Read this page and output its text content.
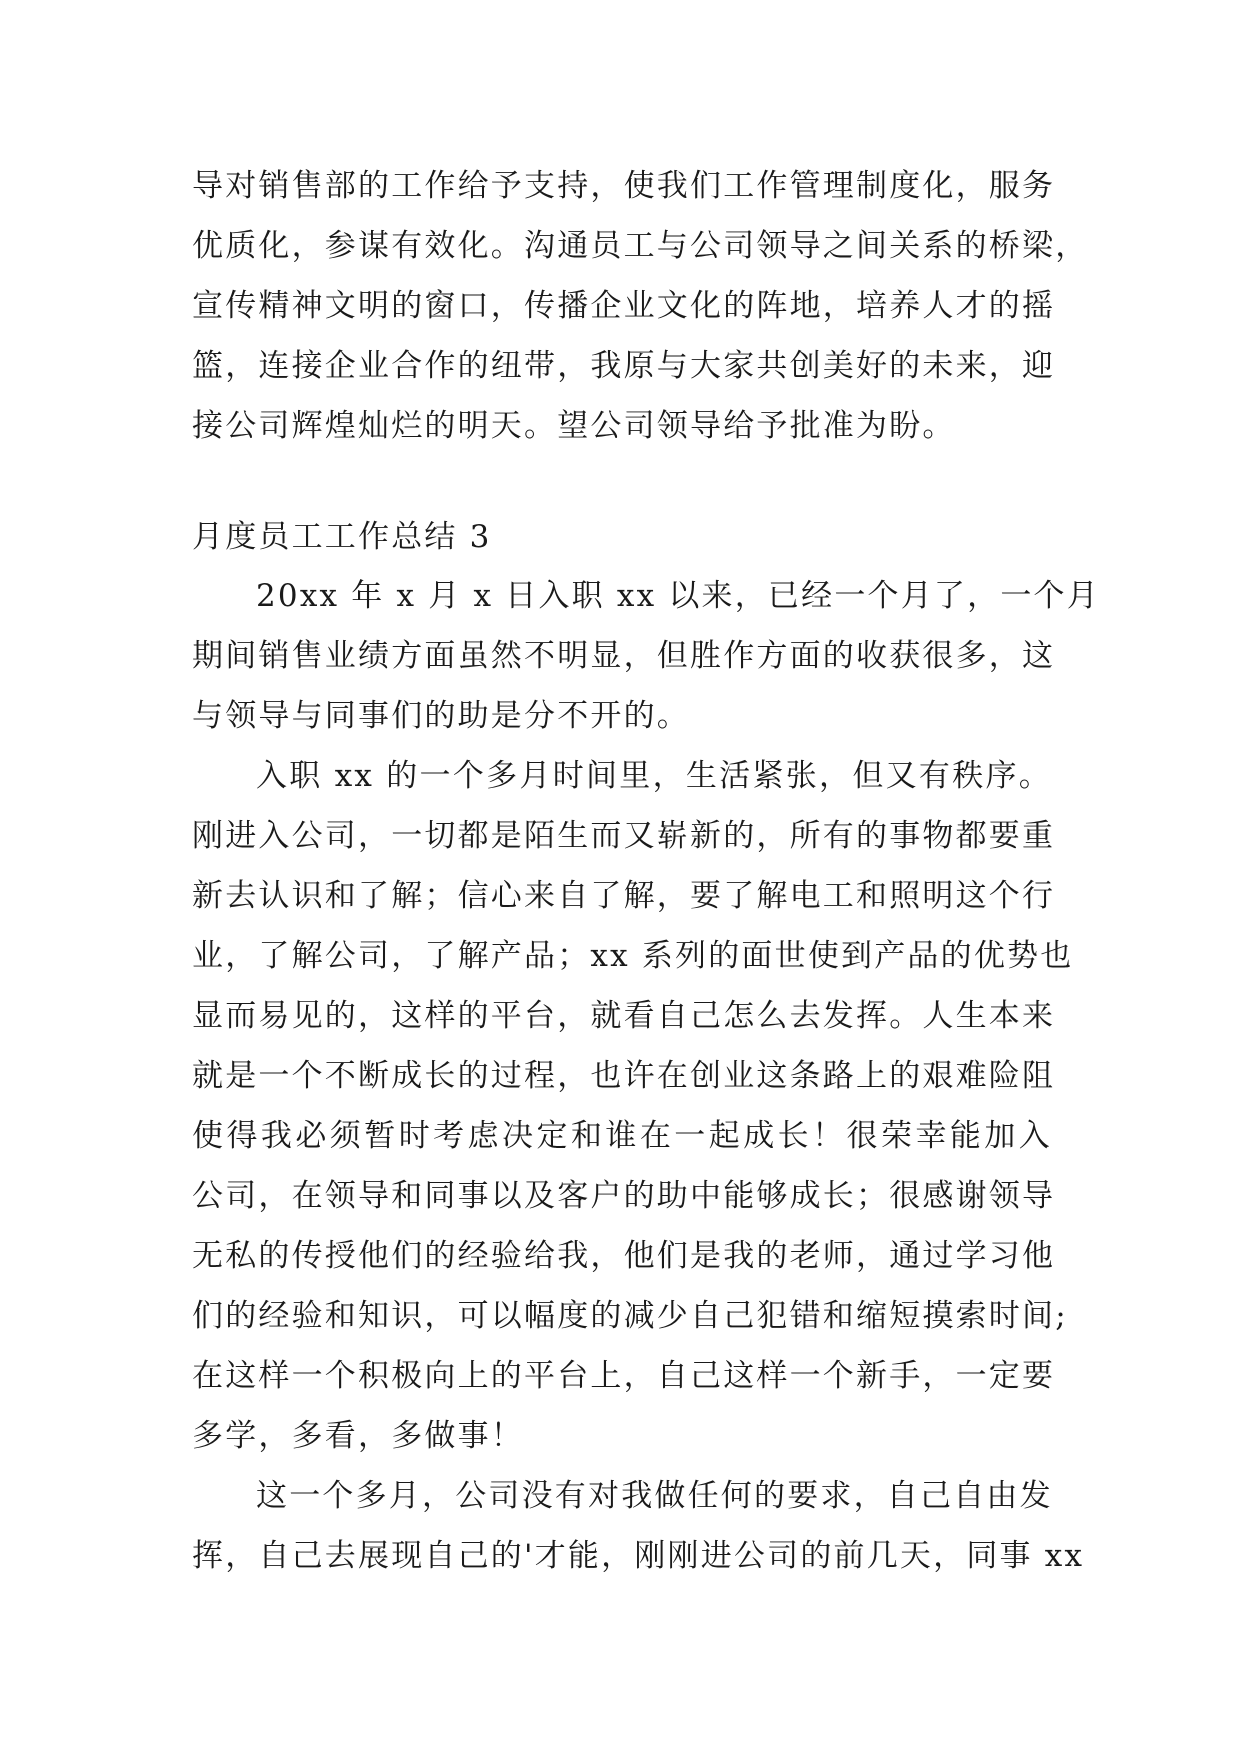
导对销售部的工作给予支持，使我们工作管理制度化，服务
优质化，参谋有效化。沟通员工与公司领导之间关系的桥梁，
宣传精神文明的窗口，传播企业文化的阵地，培养人才的摇
篮，连接企业合作的纽带，我原与大家共创美好的未来，迎
接公司辉煌灿烂的明天。望公司领导给予批准为盼。
月度员工工作总结 3
20xx 年 x 月 x 日入职 xx 以来，已经一个月了，一个月
期间销售业绩方面虽然不明显，但胜作方面的收获很多，这
与领导与同事们的助是分不开的。
入职 xx 的一个多月时间里，生活紧张，但又有秩序。
刚进入公司，一切都是陌生而又崭新的，所有的事物都要重
新去认识和了解；信心来自了解，要了解电工和照明这个行
业，了解公司，了解产品；xx 系列的面世使到产品的优势也
显而易见的，这样的平台，就看自己怎么去发挥。人生本来
就是一个不断成长的过程，也许在创业这条路上的艰难险阻
使得我必须暂时考虑决定和谁在一起成长！很荣幸能加入
公司，在领导和同事以及客户的助中能够成长；很感谢领导
无私的传授他们的经验给我，他们是我的老师，通过学习他
们的经验和知识，可以幅度的减少自己犯错和缩短摸索时间;
在这样一个积极向上的平台上，自己这样一个新手，一定要
多学，多看，多做事！
这一个多月，公司没有对我做任何的要求，自己自由发
挥，自己去展现自己的'才能，刚刚进公司的前几天，同事 xx
